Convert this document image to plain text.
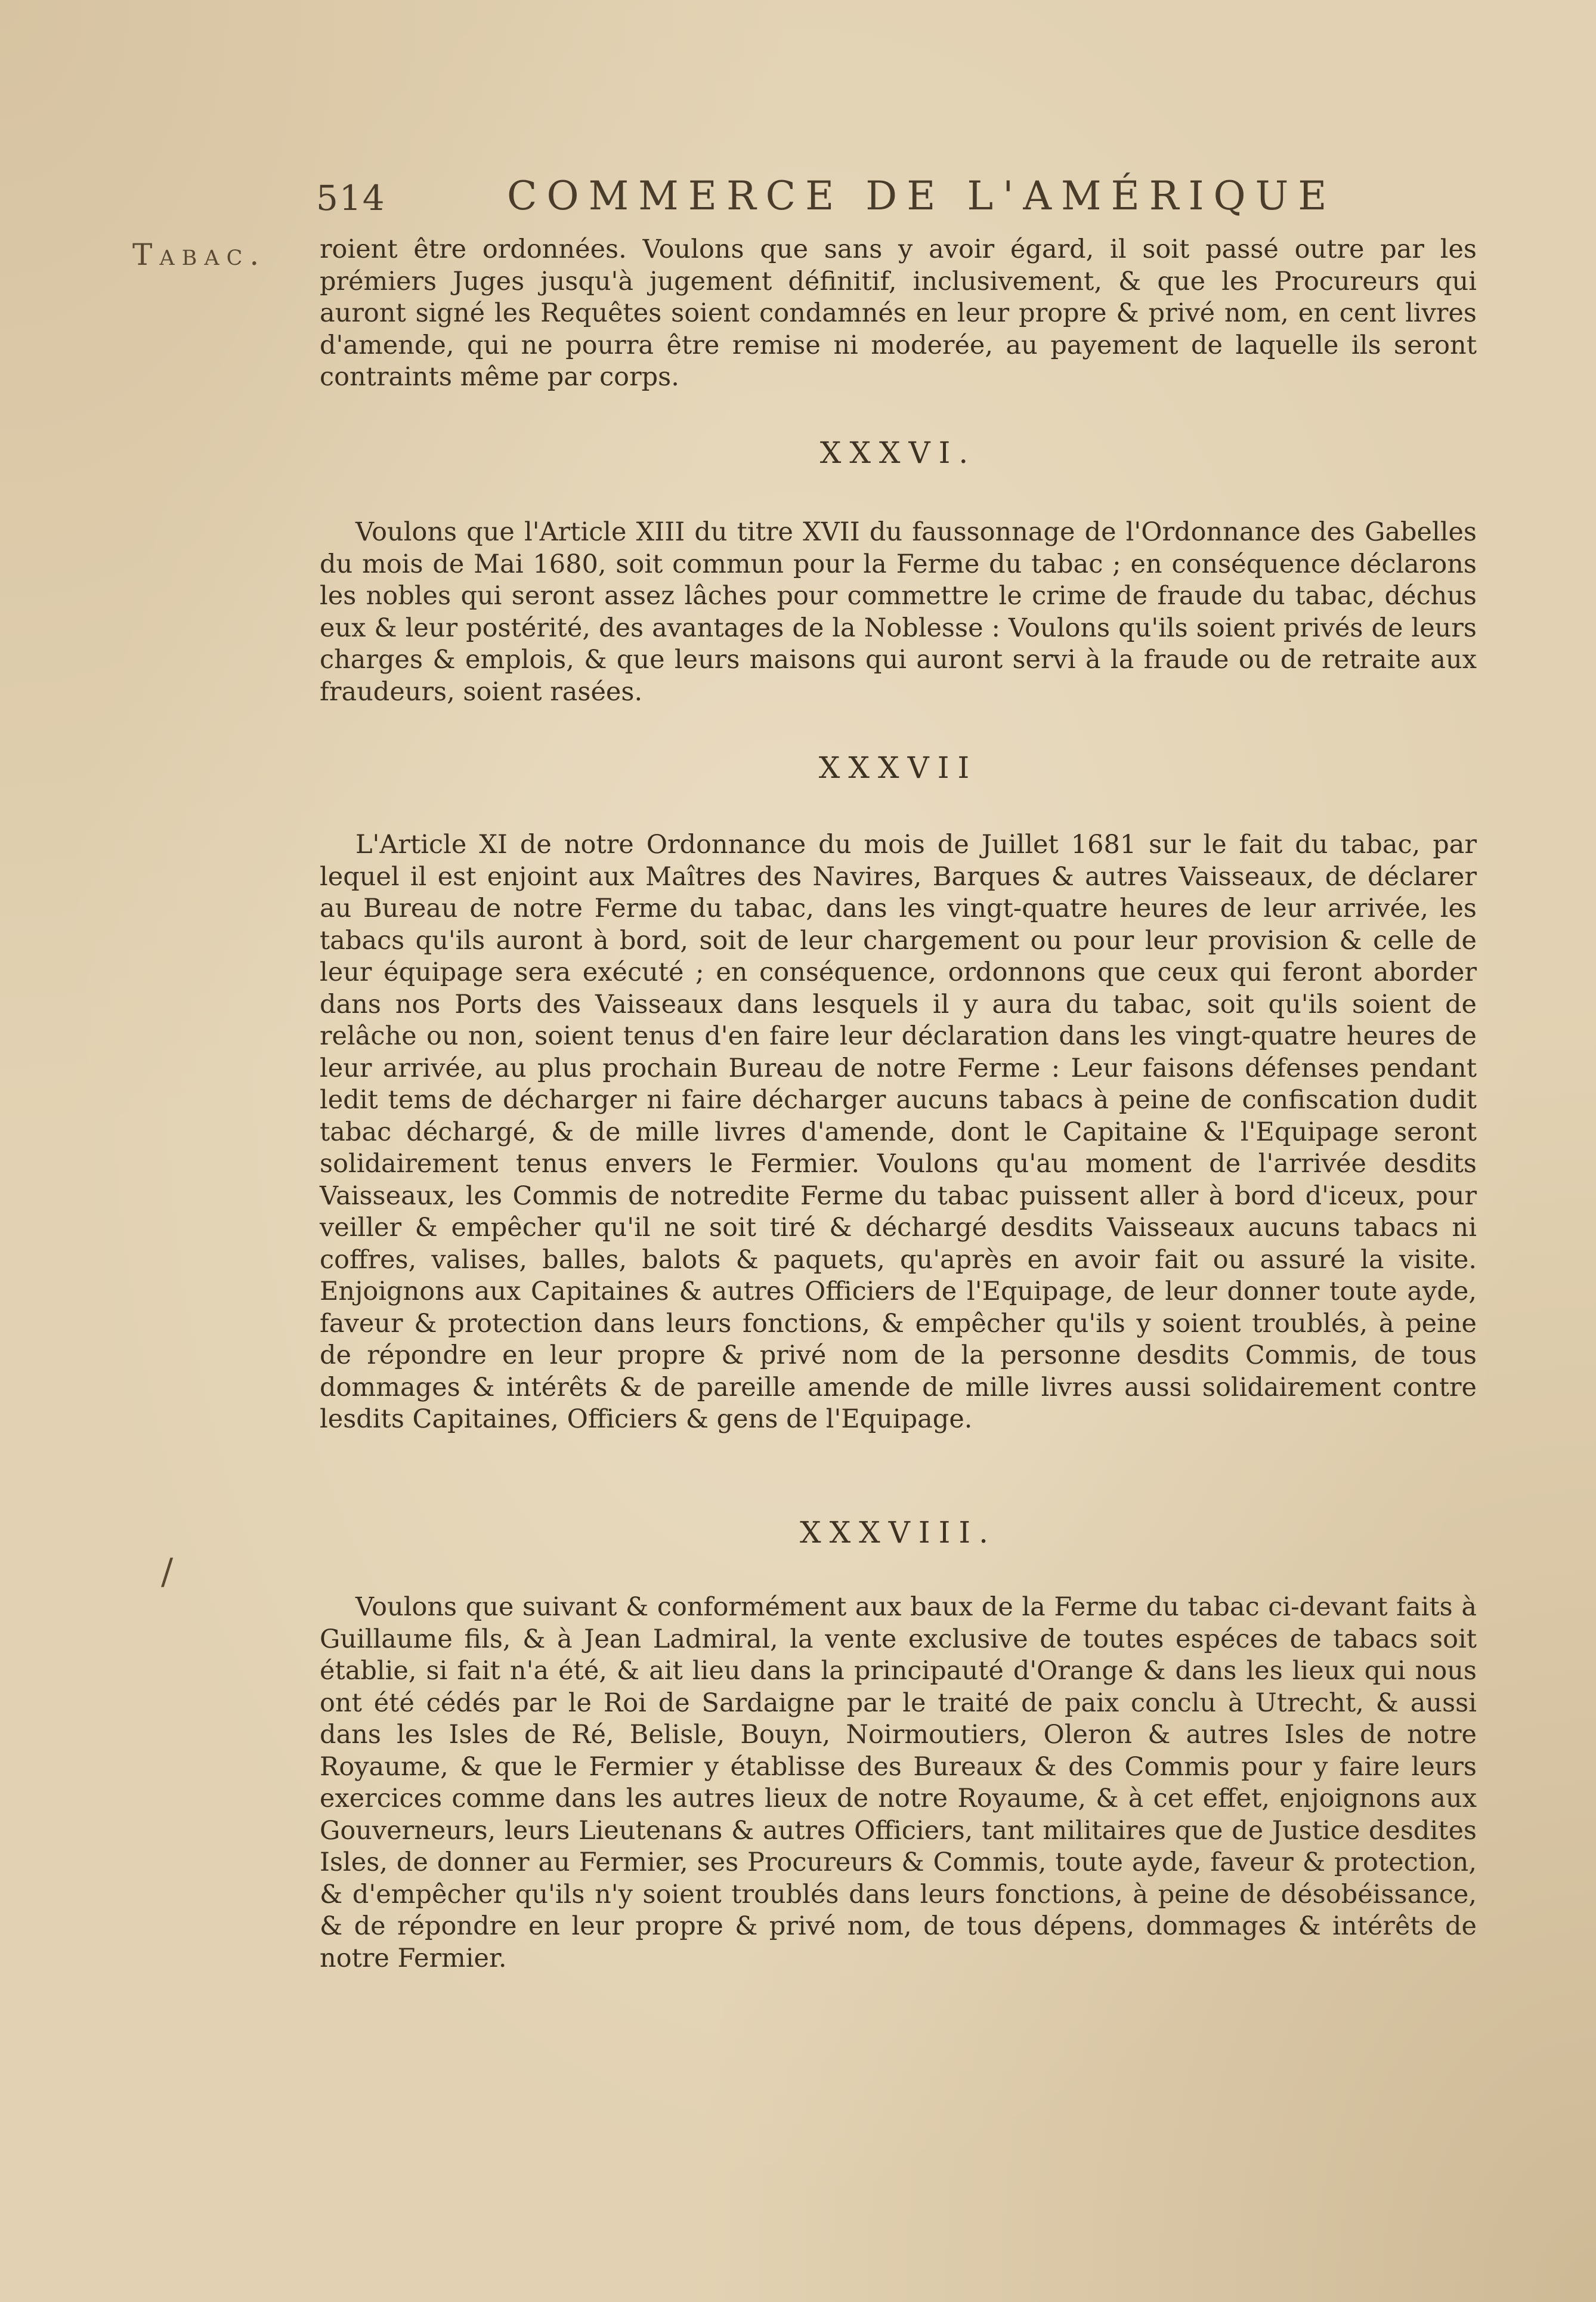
514	COMMERCE DE L'AMÉRIQUE
Tabac.
/

roient être ordonnées. Voulons que sans y avoir égard, il soit passé outre par les prémiers Juges jusqu'à jugement définitif, inclusivement, & que les Procureurs qui auront signé les Requêtes soient condamnés en leur propre & privé nom, en cent livres d'amende, qui ne pourra être remise ni moderée, au payement de laquelle ils seront contraints même par corps.

XXXVI.

Voulons que l'Article XIII du titre XVII du faussonnage de l'Ordonnance des Gabelles du mois de Mai 1680, soit commun pour la Ferme du tabac ; en conséquence déclarons les nobles qui seront assez lâches pour commettre le crime de fraude du tabac, déchus eux & leur postérité, des avantages de la Noblesse : Voulons qu'ils soient privés de leurs charges & emplois, & que leurs maisons qui auront servi à la fraude ou de retraite aux fraudeurs, soient rasées.

XXXVII

L'Article XI de notre Ordonnance du mois de Juillet 1681 sur le fait du tabac, par lequel il est enjoint aux Maîtres des Navires, Barques & autres Vaisseaux, de déclarer au Bureau de notre Ferme du tabac, dans les vingt-quatre heures de leur arrivée, les tabacs qu'ils auront à bord, soit de leur chargement ou pour leur provision & celle de leur équipage sera exécuté ; en conséquence, ordonnons que ceux qui feront aborder dans nos Ports des Vaisseaux dans lesquels il y aura du tabac, soit qu'ils soient de relâche ou non, soient tenus d'en faire leur déclaration dans les vingt-quatre heures de leur arrivée, au plus prochain Bureau de notre Ferme : Leur faisons défenses pendant ledit tems de décharger ni faire décharger aucuns tabacs à peine de confiscation dudit tabac déchargé, & de mille livres d'amende, dont le Capitaine & l'Equipage seront solidairement tenus envers le Fermier. Voulons qu'au moment de l'arrivée desdits Vaisseaux, les Commis de notredite Ferme du tabac puissent aller à bord d'iceux, pour veiller & empêcher qu'il ne soit tiré & déchargé desdits Vaisseaux aucuns tabacs ni coffres, valises, balles, balots & paquets, qu'après en avoir fait ou assuré la visite. Enjoignons aux Capitaines & autres Officiers de l'Equipage, de leur donner toute ayde, faveur & protection dans leurs fonctions, & empêcher qu'ils y soient troublés, à peine de répondre en leur propre & privé nom de la personne desdits Commis, de tous dommages & intérêts & de pareille amende de mille livres aussi solidairement contre lesdits Capitaines, Officiers & gens de l'Equipage.

XXXVIII.

Voulons que suivant & conformément aux baux de la Ferme du tabac ci-devant faits à Guillaume fils, & à Jean Ladmiral, la vente exclusive de toutes espéces de tabacs soit établie, si fait n'a été, & ait lieu dans la principauté d'Orange & dans les lieux qui nous ont été cédés par le Roi de Sardaigne par le traité de paix conclu à Utrecht, & aussi dans les Isles de Ré, Belisle, Bouyn, Noirmoutiers, Oleron & autres Isles de notre Royaume, & que le Fermier y établisse des Bureaux & des Commis pour y faire leurs exercices comme dans les autres lieux de notre Royaume, & à cet effet, enjoignons aux Gouverneurs, leurs Lieutenans & autres Officiers, tant militaires que de Justice desdites Isles, de donner au Fermier, ses Procureurs & Commis, toute ayde, faveur & protection, & d'empêcher qu'ils n'y soient troublés dans leurs fonctions, à peine de désobéissance, & de répondre en leur propre & privé nom, de tous dépens, dommages & intérêts de notre Fermier.
